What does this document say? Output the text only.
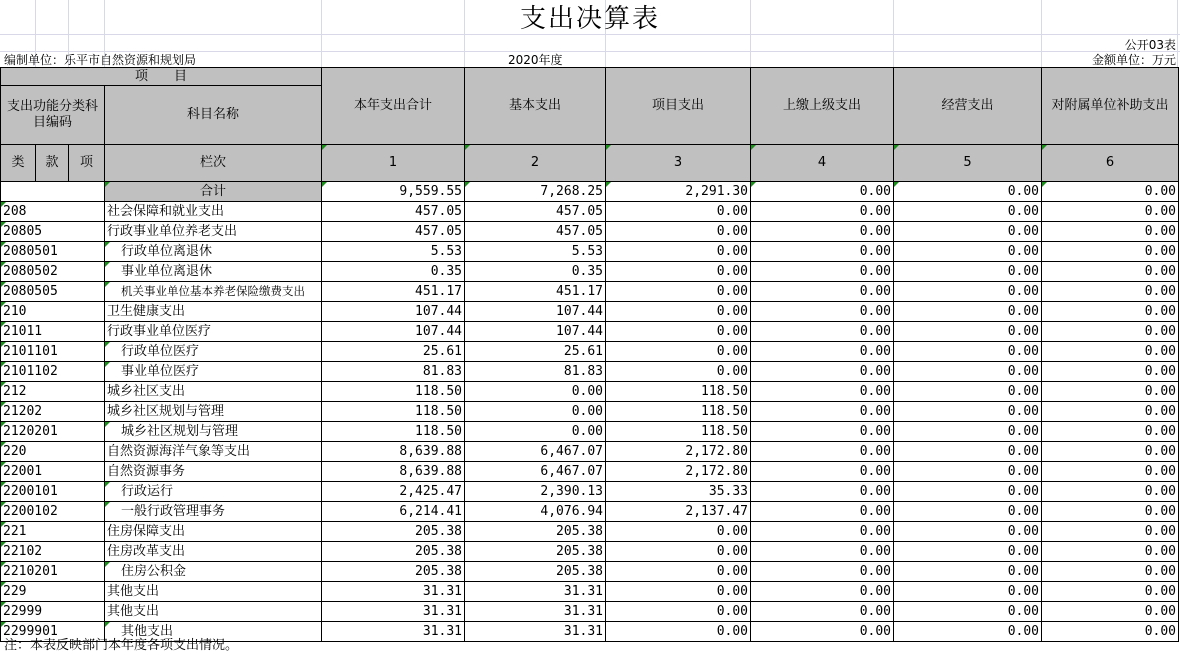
支出决算表
公开03表
编制单位：乐平市自然资源和规划局	2020年度	金额单位：万元
项　　目				本年支出合计	基本支出	项目支出	上缴上级支出	经营支出	对附属单位补助支出
支出功能分类科目编码			科目名称						

类	款	项							
			栏次	1	2	3	4	5	6
			合计	9,559.55	7,268.25	2,291.30	0.00	0.00	0.00
208			社会保障和就业支出	457.05	457.05	0.00	0.00	0.00	0.00
20805			行政事业单位养老支出	457.05	457.05	0.00	0.00	0.00	0.00
2080501			行政单位离退休	5.53	5.53	0.00	0.00	0.00	0.00
2080502			事业单位离退休	0.35	0.35	0.00	0.00	0.00	0.00
2080505			机关事业单位基本养老保险缴费支出	451.17	451.17	0.00	0.00	0.00	0.00
210			卫生健康支出	107.44	107.44	0.00	0.00	0.00	0.00
21011			行政事业单位医疗	107.44	107.44	0.00	0.00	0.00	0.00
2101101			行政单位医疗	25.61	25.61	0.00	0.00	0.00	0.00
2101102			事业单位医疗	81.83	81.83	0.00	0.00	0.00	0.00
212			城乡社区支出	118.50	0.00	118.50	0.00	0.00	0.00
21202			城乡社区规划与管理	118.50	0.00	118.50	0.00	0.00	0.00
2120201			城乡社区规划与管理	118.50	0.00	118.50	0.00	0.00	0.00
220			自然资源海洋气象等支出	8,639.88	6,467.07	2,172.80	0.00	0.00	0.00
22001			自然资源事务	8,639.88	6,467.07	2,172.80	0.00	0.00	0.00
2200101			行政运行	2,425.47	2,390.13	35.33	0.00	0.00	0.00
2200102			一般行政管理事务	6,214.41	4,076.94	2,137.47	0.00	0.00	0.00
221			住房保障支出	205.38	205.38	0.00	0.00	0.00	0.00
22102			住房改革支出	205.38	205.38	0.00	0.00	0.00	0.00
2210201			住房公积金	205.38	205.38	0.00	0.00	0.00	0.00
229			其他支出	31.31	31.31	0.00	0.00	0.00	0.00
22999			其他支出	31.31	31.31	0.00	0.00	0.00	0.00
2299901			其他支出	31.31	31.31	0.00	0.00	0.00	0.00
注：本表反映部门本年度各项支出情况。
